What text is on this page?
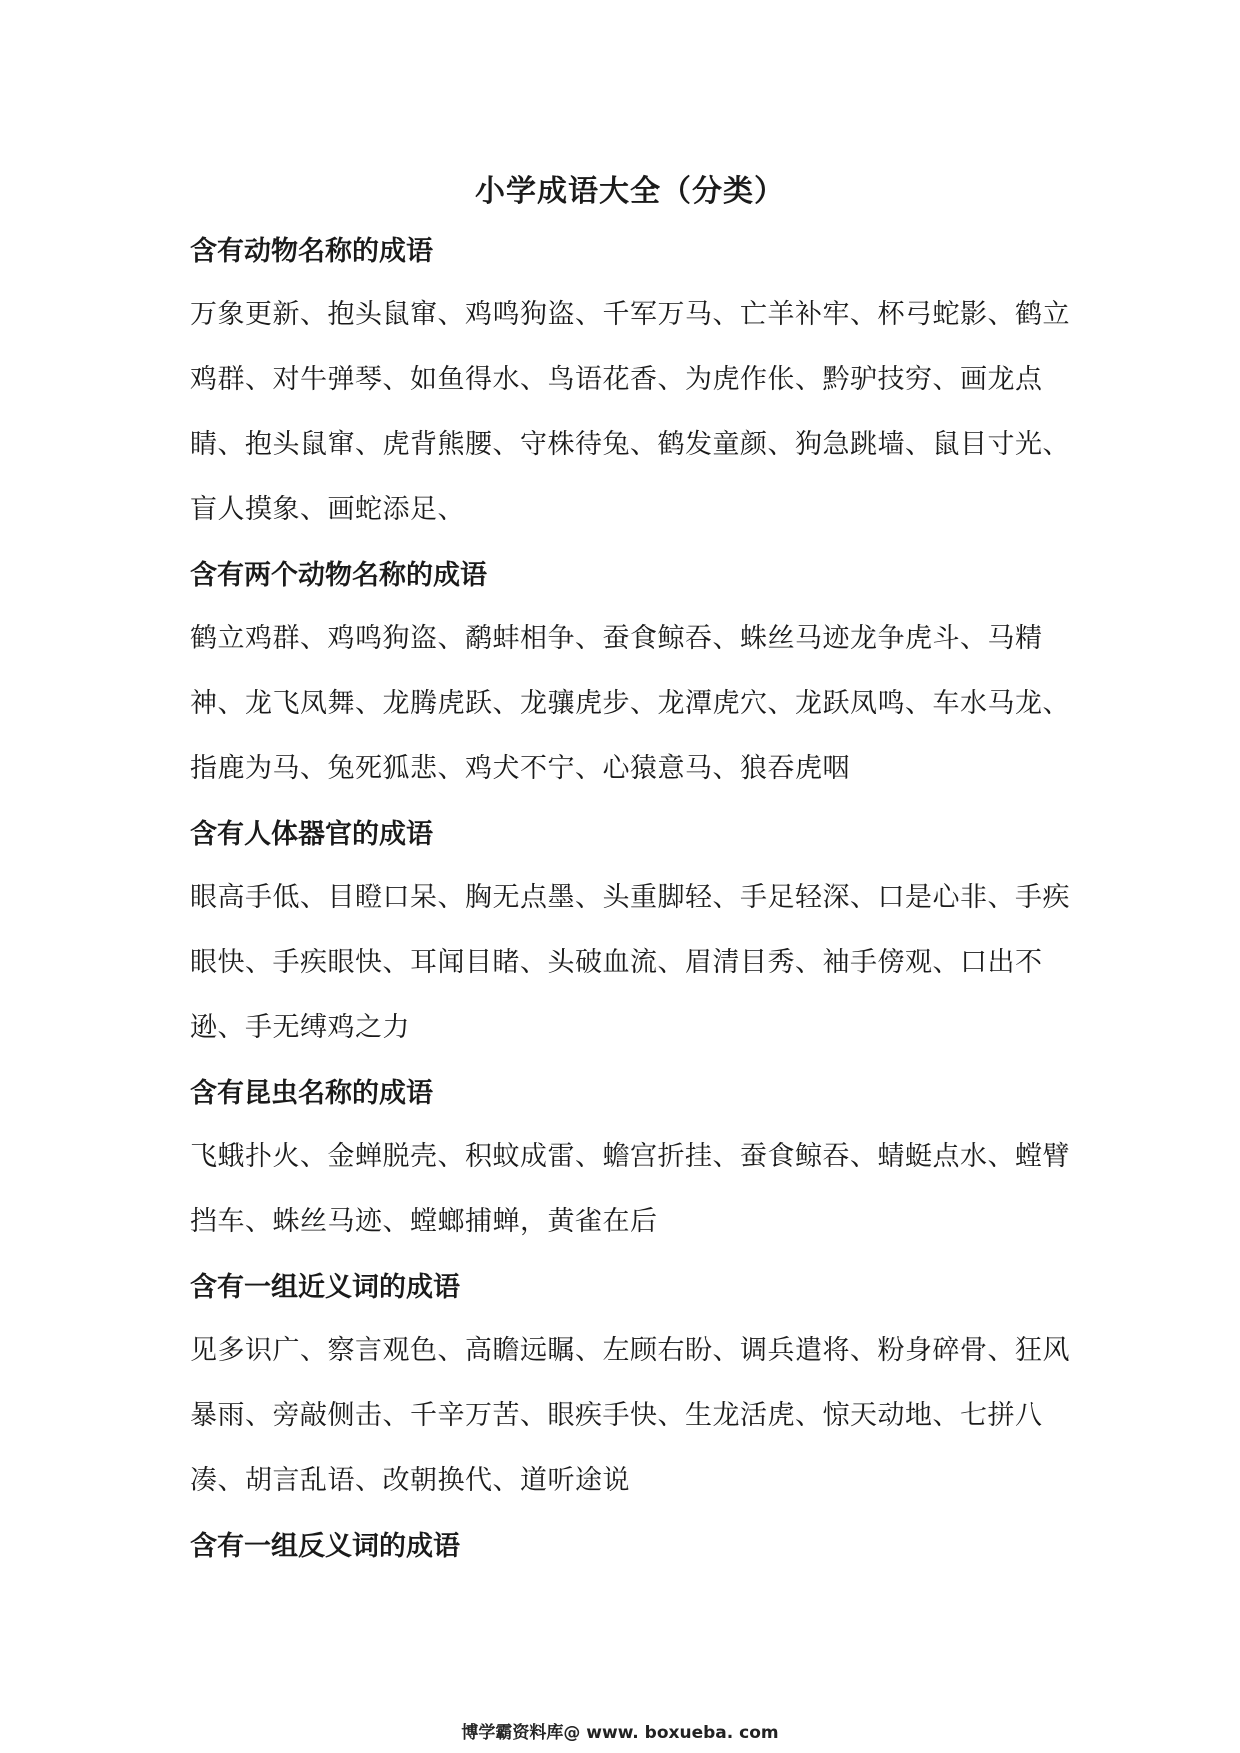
小学成语大全（分类）
含有动物名称的成语

万象更新、抱头鼠窜、鸡鸣狗盗、千军万马、亡羊补牢、杯弓蛇影、鹤立鸡群、对牛弹琴、如鱼得水、鸟语花香、为虎作伥、黔驴技穷、画龙点睛、抱头鼠窜、虎背熊腰、守株待兔、鹤发童颜、狗急跳墙、鼠目寸光、盲人摸象、画蛇添足、

含有两个动物名称的成语

鹤立鸡群、鸡鸣狗盗、鹬蚌相争、蚕食鲸吞、蛛丝马迹龙争虎斗、马精神、龙飞凤舞、龙腾虎跃、龙骧虎步、龙潭虎穴、龙跃凤鸣、车水马龙、指鹿为马、兔死狐悲、鸡犬不宁、心猿意马、狼吞虎咽

含有人体器官的成语

眼高手低、目瞪口呆、胸无点墨、头重脚轻、手足轻深、口是心非、手疾眼快、手疾眼快、耳闻目睹、头破血流、眉清目秀、袖手傍观、口出不逊、手无缚鸡之力

含有昆虫名称的成语

飞蛾扑火、金蝉脱壳、积蚊成雷、蟾宫折挂、蚕食鲸吞、蜻蜓点水、螳臂挡车、蛛丝马迹、螳螂捕蝉，黄雀在后

含有一组近义词的成语

见多识广、察言观色、高瞻远瞩、左顾右盼、调兵遣将、粉身碎骨、狂风暴雨、旁敲侧击、千辛万苦、眼疾手快、生龙活虎、惊天动地、七拼八凑、胡言乱语、改朝换代、道听途说

含有一组反义词的成语

博学霸资料库@ www. boxueba. com
